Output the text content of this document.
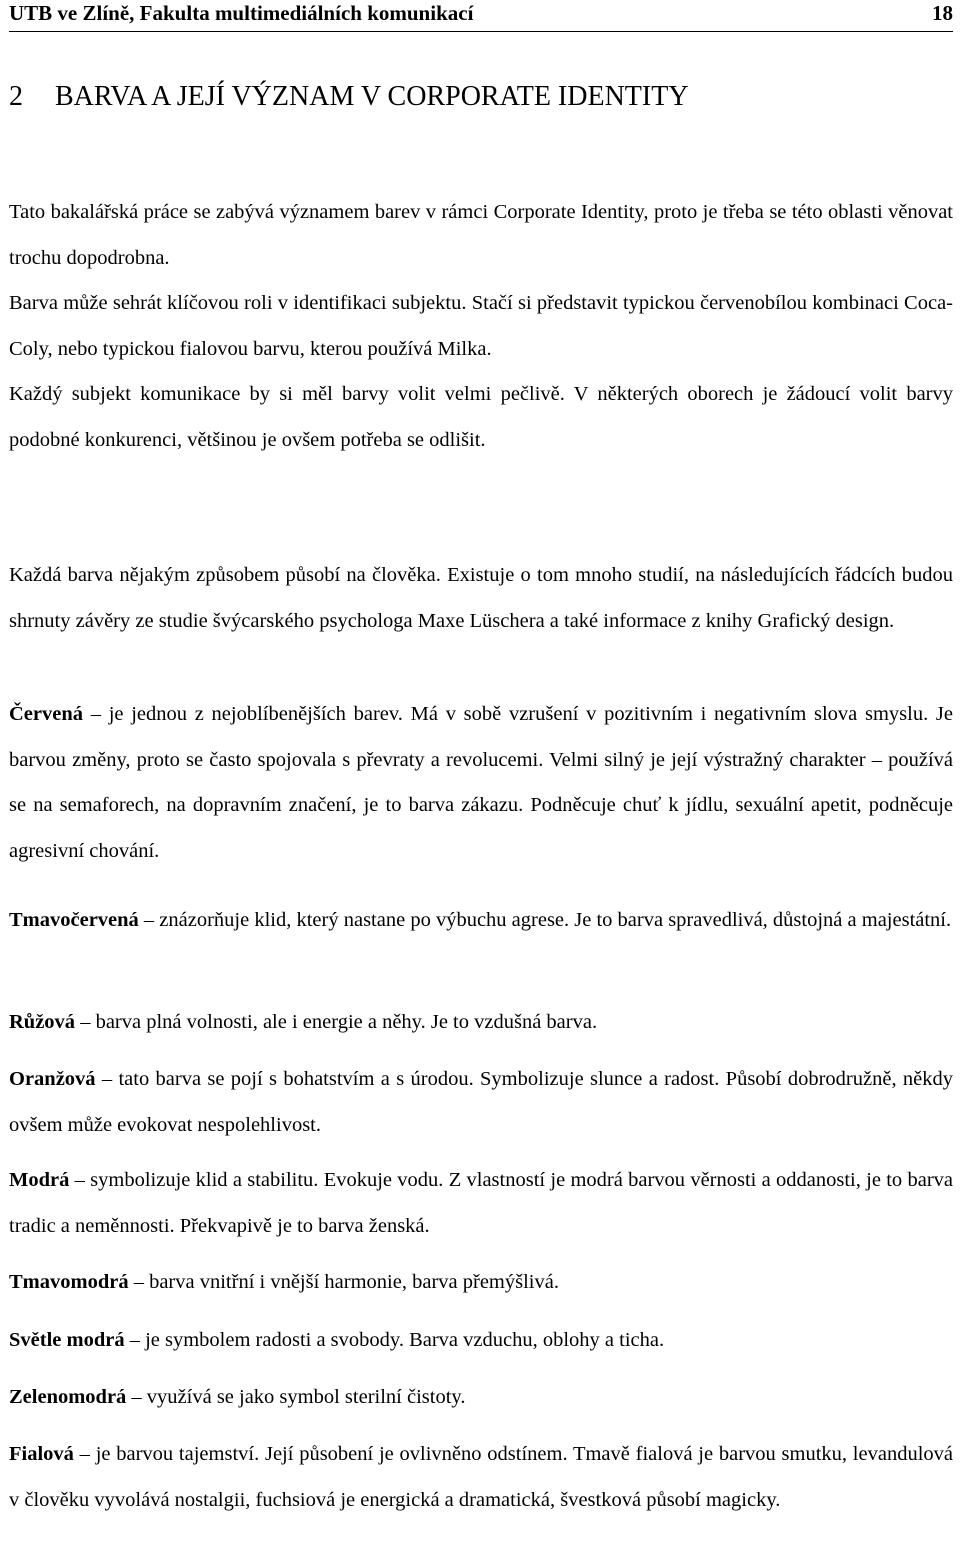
UTB ve Zlíně, Fakulta multimediálních komunikací	18
2 BARVA A JEJÍ VÝZNAM V CORPORATE IDENTITY

Tato bakalářská práce se zabývá významem barev v rámci Corporate Identity, proto je třeba se této oblasti věnovat trochu dopodrobna.

Barva může sehrát klíčovou roli v identifikaci subjektu. Stačí si představit typickou červenobílou kombinaci Coca-Coly, nebo typickou fialovou barvu, kterou používá Milka.

Každý subjekt komunikace by si měl barvy volit velmi pečlivě. V některých oborech je žádoucí volit barvy podobné konkurenci, většinou je ovšem potřeba se odlišit.

Každá barva nějakým způsobem působí na člověka. Existuje o tom mnoho studií, na následujících řádcích budou shrnuty závěry ze studie švýcarského psychologa Maxe Lüschera a také informace z knihy Grafický design.

Červená – je jednou z nejoblíbenějších barev. Má v sobě vzrušení v pozitivním i negativním slova smyslu. Je barvou změny, proto se často spojovala s převraty a revolucemi. Velmi silný je její výstražný charakter – používá se na semaforech, na dopravním značení, je to barva zákazu. Podněcuje chuť k jídlu, sexuální apetit, podněcuje agresivní chování.

Tmavočervená – znázorňuje klid, který nastane po výbuchu agrese. Je to barva spravedlivá, důstojná a majestátní.

Růžová – barva plná volnosti, ale i energie a něhy. Je to vzdušná barva.

Oranžová – tato barva se pojí s bohatstvím a s úrodou. Symbolizuje slunce a radost. Působí dobrodružně, někdy ovšem může evokovat nespolehlivost.

Modrá – symbolizuje klid a stabilitu. Evokuje vodu. Z vlastností je modrá barvou věrnosti a oddanosti, je to barva tradic a neměnnosti. Překvapivě je to barva ženská.

Tmavomodrá – barva vnitřní i vnější harmonie, barva přemýšlivá.

Světle modrá – je symbolem radosti a svobody. Barva vzduchu, oblohy a ticha.

Zelenomodrá – využívá se jako symbol sterilní čistoty.

Fialová – je barvou tajemství. Její působení je ovlivněno odstínem. Tmavě fialová je barvou smutku, levandulová v člověku vyvolává nostalgii, fuchsiová je energická a dramatická, švestková působí magicky.
